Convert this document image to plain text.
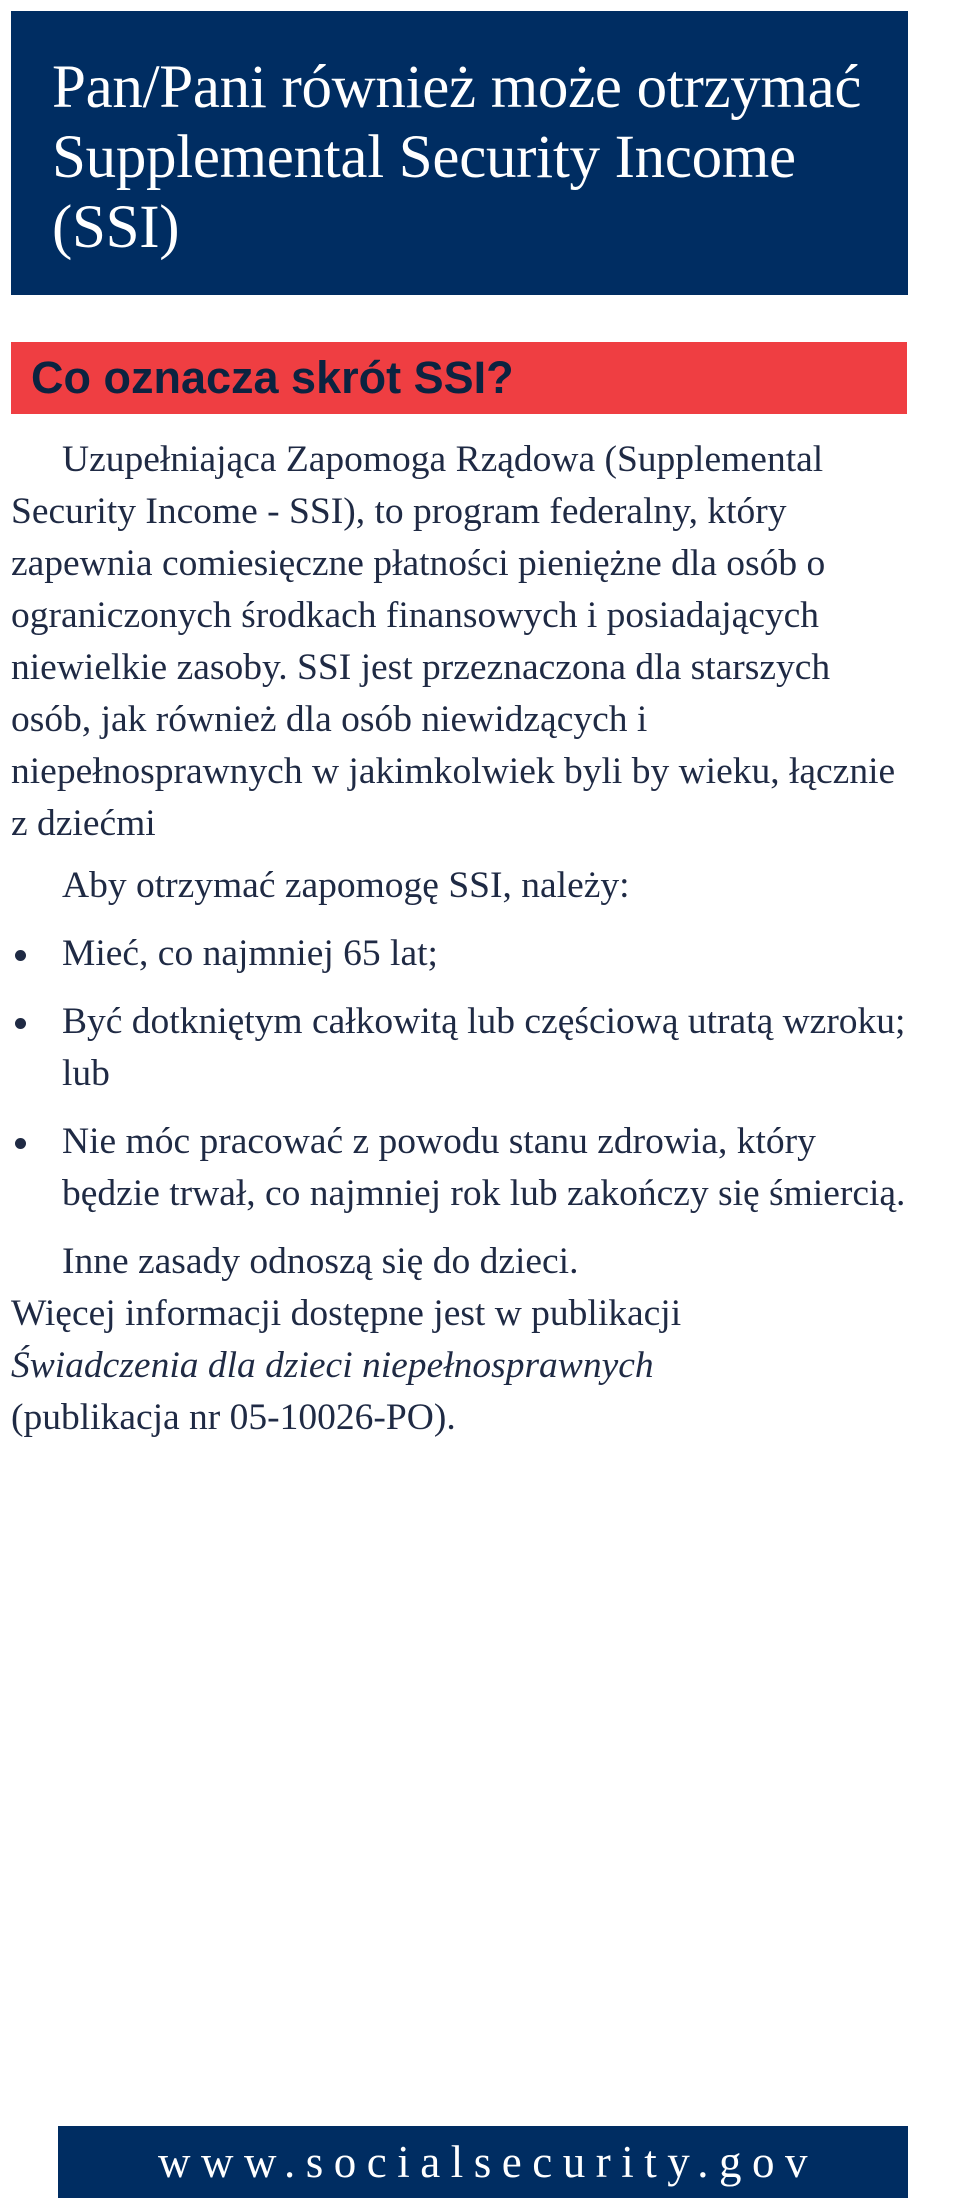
Pan/Pani również może otrzymać Supplemental Security Income (SSI)
Co oznacza skrót SSI?

Uzupełniająca Zapomoga Rządowa (Supplemental Security Income - SSI), to program federalny, który zapewnia comiesięczne płatności pieniężne dla osób o ograniczonych środkach finansowych i posiadających niewielkie zasoby. SSI jest przeznaczona dla starszych osób, jak również dla osób niewidzących i niepełnosprawnych w jakimkolwiek byli by wieku, łącznie z dziećmi

Aby otrzymać zapomogę SSI, należy:

Mieć, co najmniej 65 lat;
Być dotkniętym całkowitą lub częściową utratą wzroku; lub
Nie móc pracować z powodu stanu zdrowia, który będzie trwał, co najmniej rok lub zakończy się śmiercią.

Inne zasady odnoszą się do dzieci.

Więcej informacji dostępne jest w publikacji
Świadczenia dla dzieci niepełnosprawnych
(publikacja nr 05-10026-PO).

www.socialsecurity.gov
